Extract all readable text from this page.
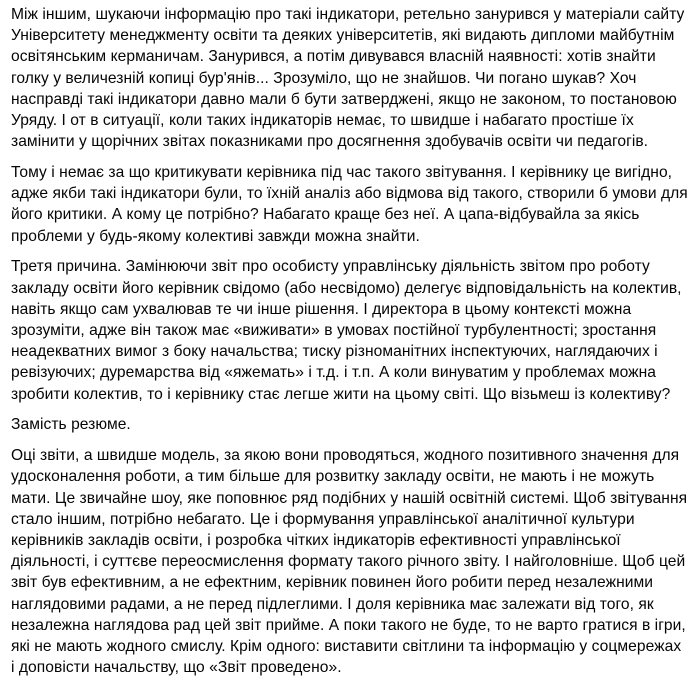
Між іншим, шукаючи інформацію про такі індикатори, ретельно занурився у матеріали сайту
Університету менеджменту освіти та деяких університетів, які видають дипломи майбутнім
освітянським керманичам. Занурився, а потім дивувався власній наявності: хотів знайти
голку у величезній копиці бур'янів... Зрозуміло, що не знайшов. Чи погано шукав? Хоч
насправді такі індикатори давно мали б бути затверджені, якщо не законом, то постановою
Уряду. І от в ситуації, коли таких індикаторів немає, то швидше і набагато простіше їх
замінити у щорічних звітах показниками про досягнення здобувачів освіти чи педагогів.
Тому і немає за що критикувати керівника під час такого звітування. І керівнику це вигідно,
адже якби такі індикатори були, то їхній аналіз або відмова від такого, створили б умови для
його критики. А кому це потрібно? Набагато краще без неї. А цапа-відбувайла за якісь
проблеми у будь-якому колективі завжди можна знайти.
Третя причина. Замінюючи звіт про особисту управлінську діяльність звітом про роботу
закладу освіти його керівник свідомо (або несвідомо) делегує відповідальність на колектив,
навіть якщо сам ухвалював те чи інше рішення. І директора в цьому контексті можна
зрозуміти, адже він також має «виживати» в умовах постійної турбулентності; зростання
неадекватних вимог з боку начальства; тиску різноманітних інспектуючих, наглядаючих і
ревізуючих; дуремарства від «яжемать» і т.д. і т.п. А коли винуватим у проблемах можна
зробити колектив, то і керівнику стає легше жити на цьому світі. Що візьмеш із колективу?
Замість резюме.
Оці звіти, а швидше модель, за якою вони проводяться, жодного позитивного значення для
удосконалення роботи, а тим більше для розвитку закладу освіти, не мають і не можуть
мати. Це звичайне шоу, яке поповнює ряд подібних у нашій освітній системі. Щоб звітування
стало іншим, потрібно небагато. Це і формування управлінської аналітичної культури
керівників закладів освіти, і розробка чітких індикаторів ефективності управлінської
діяльності, і суттєве переосмислення формату такого річного звіту. І найголовніше. Щоб цей
звіт був ефективним, а не ефектним, керівник повинен його робити перед незалежними
наглядовими радами, а не перед підлеглими. І доля керівника має залежати від того, як
незалежна наглядова рад цей звіт прийме. А поки такого не буде, то не варто гратися в ігри,
які не мають жодного смислу. Крім одного: виставити світлини та інформацію у соцмережах
і доповісти начальству, що «Звіт проведено».
